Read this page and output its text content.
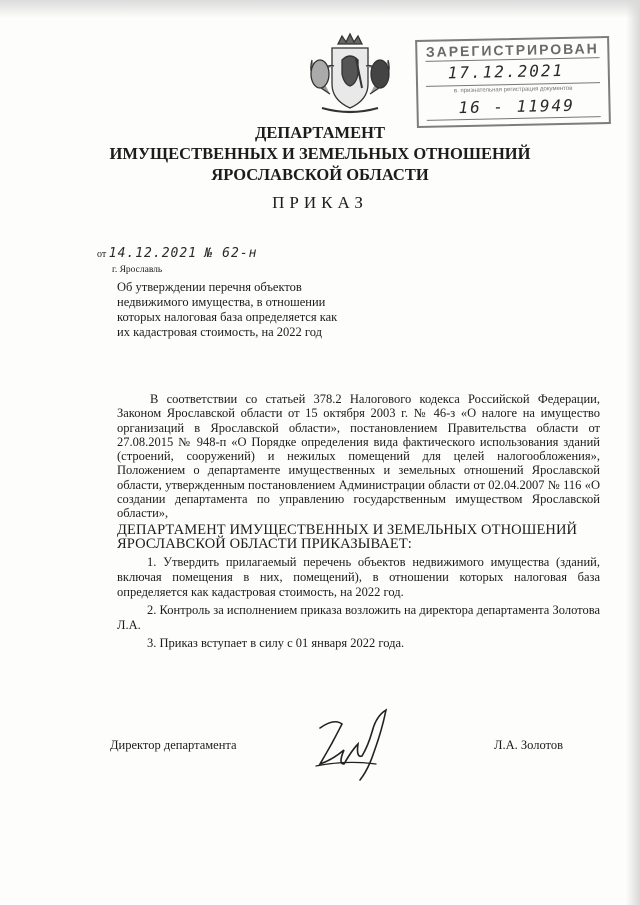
ЗАРЕГИСТРИРОВАН
17.12.2021
в. признательная регистрация документов
16 - 11949
ДЕПАРТАМЕНТ
ИМУЩЕСТВЕННЫХ И ЗЕМЕЛЬНЫХ ОТНОШЕНИЙ
ЯРОСЛАВСКОЙ ОБЛАСТИ
ПРИКАЗ
от 14.12.2021 № 62-н
г. Ярославль
Об утверждении перечня объектов недвижимого имущества, в отношении которых налоговая база определяется как их кадастровая стоимость, на 2022 год
В соответствии со статьей 378.2 Налогового кодекса Российской Федерации, Законом Ярославской области от 15 октября 2003 г. № 46-з «О налоге на имущество организаций в Ярославской области», постановлением Правительства области от 27.08.2015 № 948-п «О Порядке определения вида фактического использования зданий (строений, сооружений) и нежилых помещений для целей налогообложения», Положением о департаменте имущественных и земельных отношений Ярославской области, утвержденным постановлением Администрации области от 02.04.2007 № 116 «О создании департамента по управлению государственным имуществом Ярославской области»,
ДЕПАРТАМЕНТ ИМУЩЕСТВЕННЫХ И ЗЕМЕЛЬНЫХ ОТНОШЕНИЙ
ЯРОСЛАВСКОЙ ОБЛАСТИ ПРИКАЗЫВАЕТ:
1. Утвердить прилагаемый перечень объектов недвижимого имущества (зданий, включая помещения в них, помещений), в отношении которых налоговая база определяется как кадастровая стоимость, на 2022 год.
2. Контроль за исполнением приказа возложить на директора департамента Золотова Л.А.
3. Приказ вступает в силу с 01 января 2022 года.
Директор департамента	Л.А. Золотов
